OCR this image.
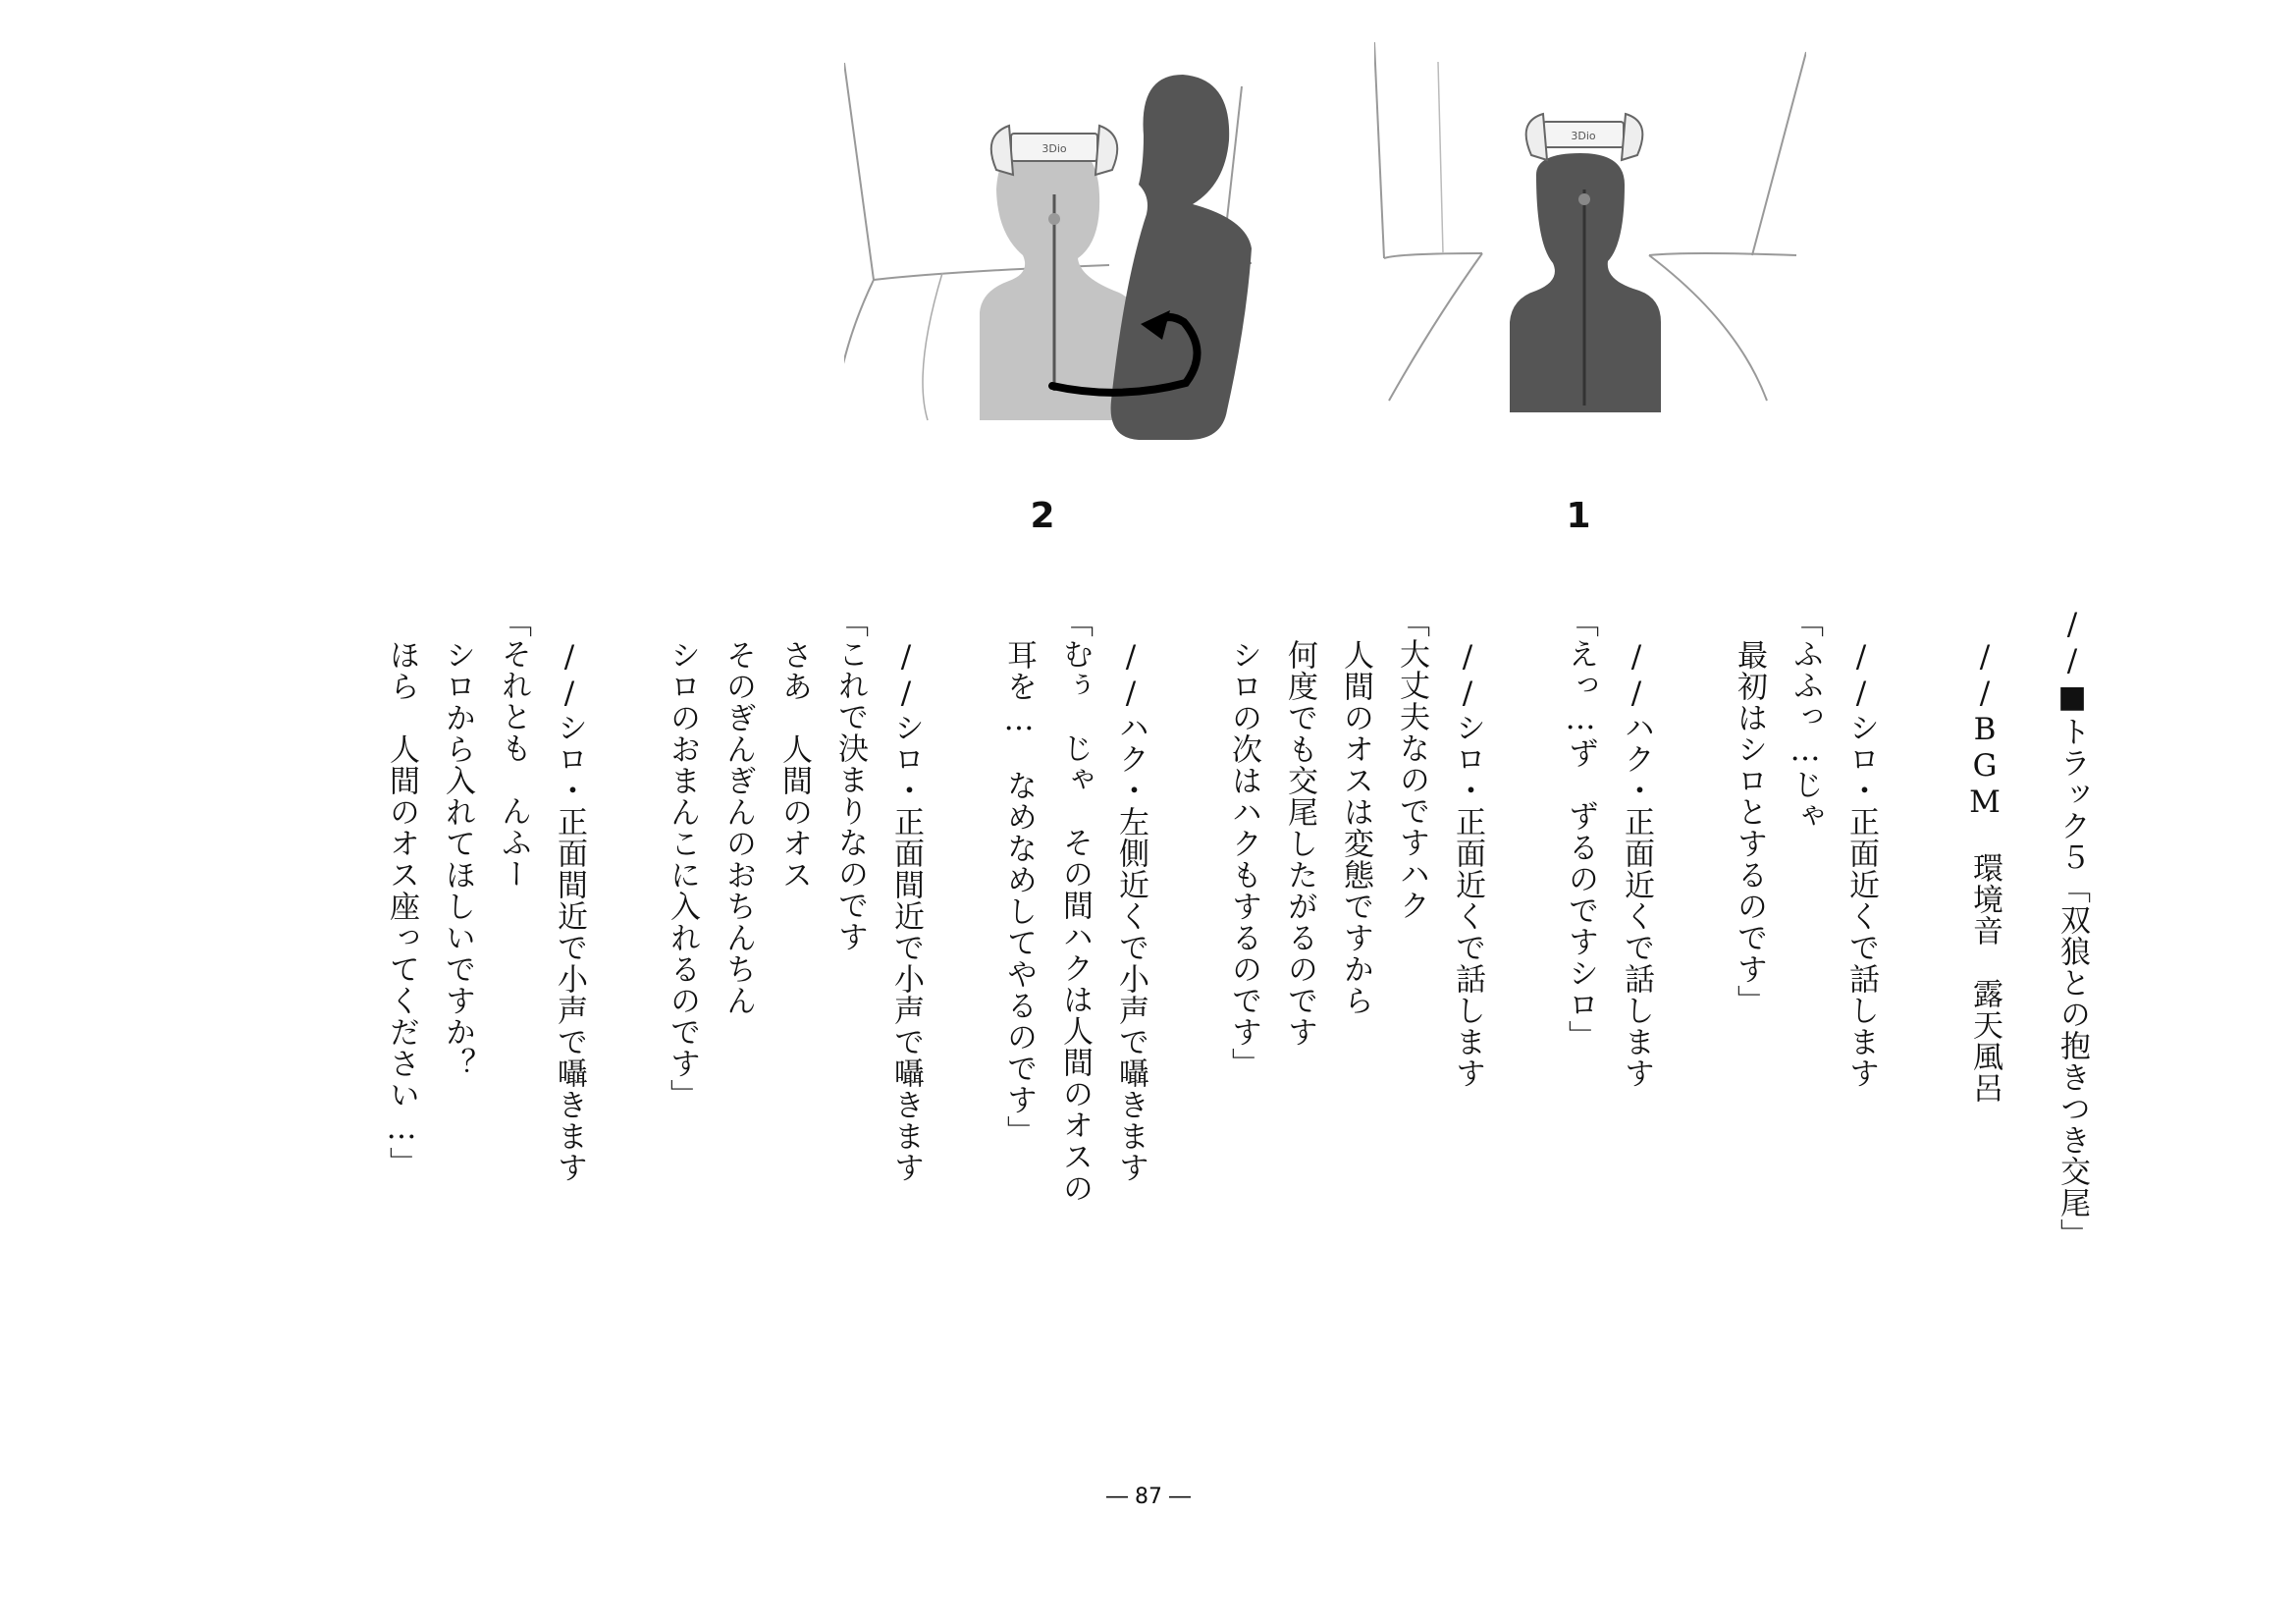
3Dio
2
3Dio
1
//■トラック５「双狼との抱きつき交尾」
//BGM　環境音　露天風呂
//シロ・正面近くで話します
「ふふっ…じゃ
最初はシロとするのです」
//ハク・正面近くで話します
「えっ…ず　ずるのですシロ」
//シロ・正面近くで話します
「大丈夫なのですハク
人間のオスは変態ですから
何度でも交尾したがるのです
シロの次はハクもするのです」
//ハク・左側近くで小声で囁きます
「むぅ　じゃ　その間ハクは人間のオスの
耳を…　なめなめしてやるのです」
//シロ・正面間近で小声で囁きます
「これで決まりなのです
さあ　人間のオス
そのぎんぎんのおちんちん
シロのおまんこに入れるのです」
//シロ・正面間近で小声で囁きます
「それとも　んふー
シロから入れてほしいですか？
ほら　人間のオス座ってください…」
― 87 ―
